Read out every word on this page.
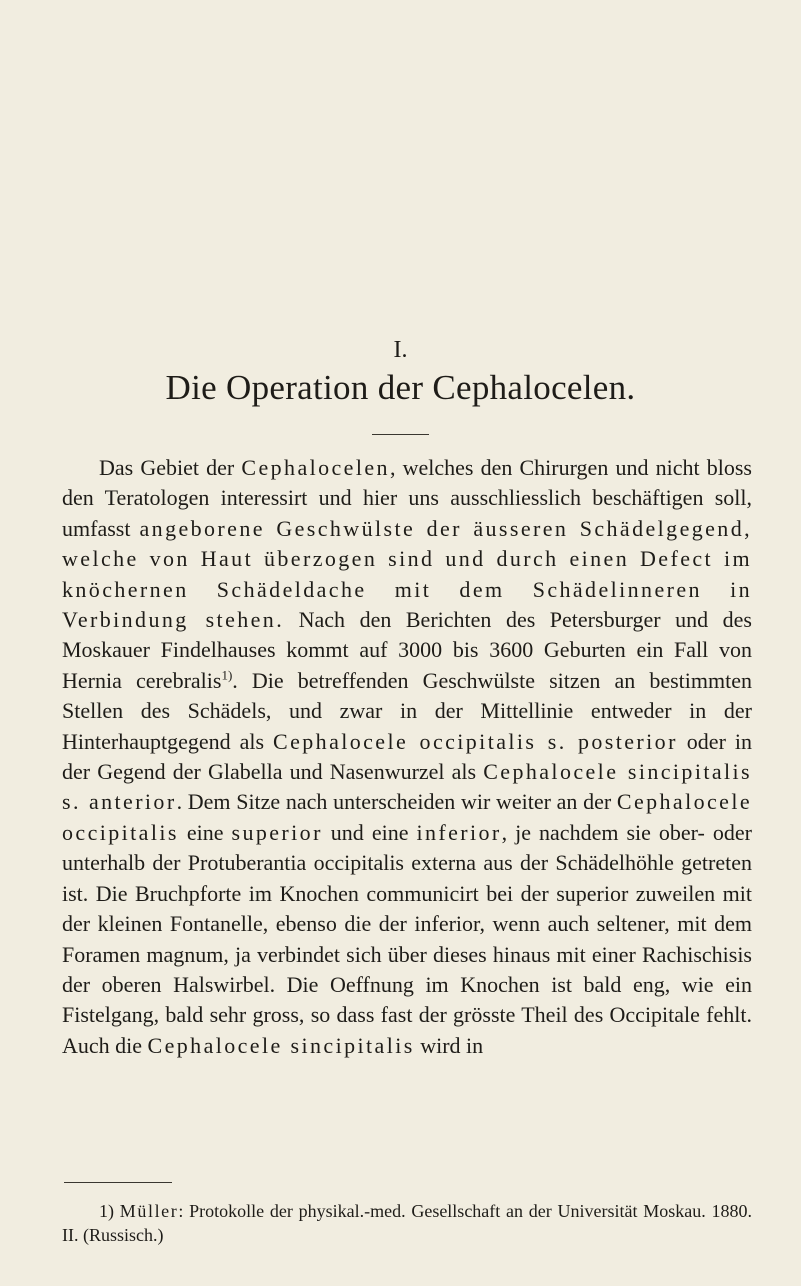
I.
Die Operation der Cephalocelen.

Das Gebiet der Cephalocelen, welches den Chirurgen und nicht bloss den Teratologen interessirt und hier uns ausschliesslich beschäftigen soll, umfasst angeborene Geschwülste der äusseren Schädelgegend, welche von Haut überzogen sind und durch einen Defect im knöchernen Schädeldache mit dem Schädelinneren in Verbindung stehen. Nach den Berichten des Petersburger und des Moskauer Findelhauses kommt auf 3000 bis 3600 Geburten ein Fall von Hernia cerebralis$^{1)}$. Die betreffenden Geschwülste sitzen an bestimmten Stellen des Schädels, und zwar in der Mittellinie entweder in der Hinterhauptgegend als Cephalocele occipitalis s. posterior oder in der Gegend der Glabella und Nasenwurzel als Cephalocele sincipitalis s. anterior. Dem Sitze nach unterscheiden wir weiter an der Cephalocele occipitalis eine superior und eine inferior, je nachdem sie ober- oder unterhalb der Protuberantia occipitalis externa aus der Schädelhöhle getreten ist. Die Bruchpforte im Knochen communicirt bei der superior zuweilen mit der kleinen Fontanelle, ebenso die der inferior, wenn auch seltener, mit dem Foramen magnum, ja verbindet sich über dieses hinaus mit einer Rachischisis der oberen Halswirbel. Die Oeffnung im Knochen ist bald eng, wie ein Fistelgang, bald sehr gross, so dass fast der grösste Theil des Occipitale fehlt. Auch die Cephalocele sincipitalis wird in

1) Müller: Protokolle der physikal.-med. Gesellschaft an der Universität Moskau. 1880. II. (Russisch.)
